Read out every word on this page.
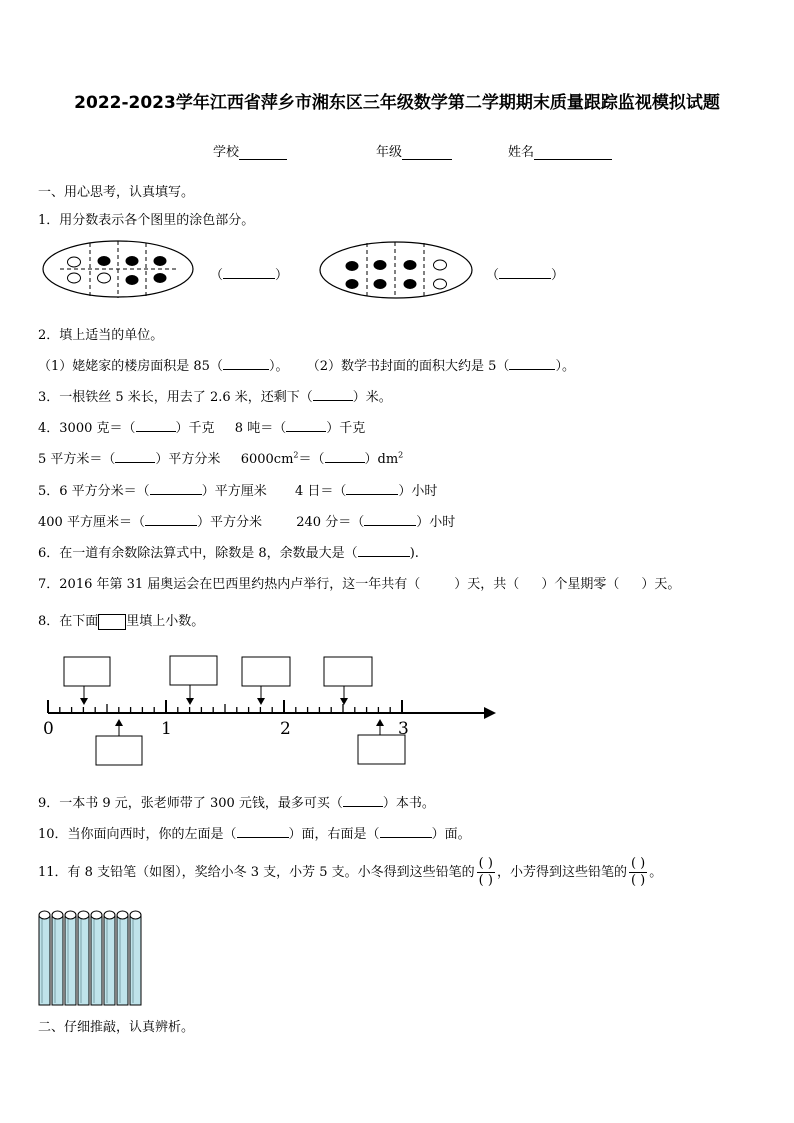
2022-2023学年江西省萍乡市湘东区三年级数学第二学期期末质量跟踪监视模拟试题
学校	年级	姓名
一、用心思考，认真填写。
1．用分数表示各个图里的涂色部分。
（	）	（	）
2．填上适当的单位。
（1）姥姥家的楼房面积是 85（	）。 （2）数学书封面的面积大约是 5（	）。
3．一根铁丝 5 米长，用去了 2.6 米，还剩下（	）米。
4．3000 克＝（	）千克 8 吨＝（	）千克
5 平方米＝（	）平方分米 $6000cm^2=$（	）$dm^2$
5．6 平方分米＝（	）平方厘米 4 日＝（	）小时
400 平方厘米＝（	）平方分米	240 分＝（	）小时
6．在一道有余数除法算式中，除数是 8，余数最大是（	).
7．2016 年第 31 届奥运会在巴西里约热内卢举行，这一年共有（	）天，共（ ）个星期零（ ）天。
8．在下面 里填上小数。
0	1	2	3
9．一本书 9 元，张老师带了 300 元钱，最多可买（	）本书。
10．当你面向西时，你的左面是（	）面，右面是（	）面。
11．有 8 支铅笔（如图），奖给小冬 3 支，小芳 5 支。小冬得到这些铅笔的 $\frac{( )}{( )}$ ，小芳得到这些铅笔的 $\frac{( )}{( )}$ 。
二、仔细推敲，认真辨析。
